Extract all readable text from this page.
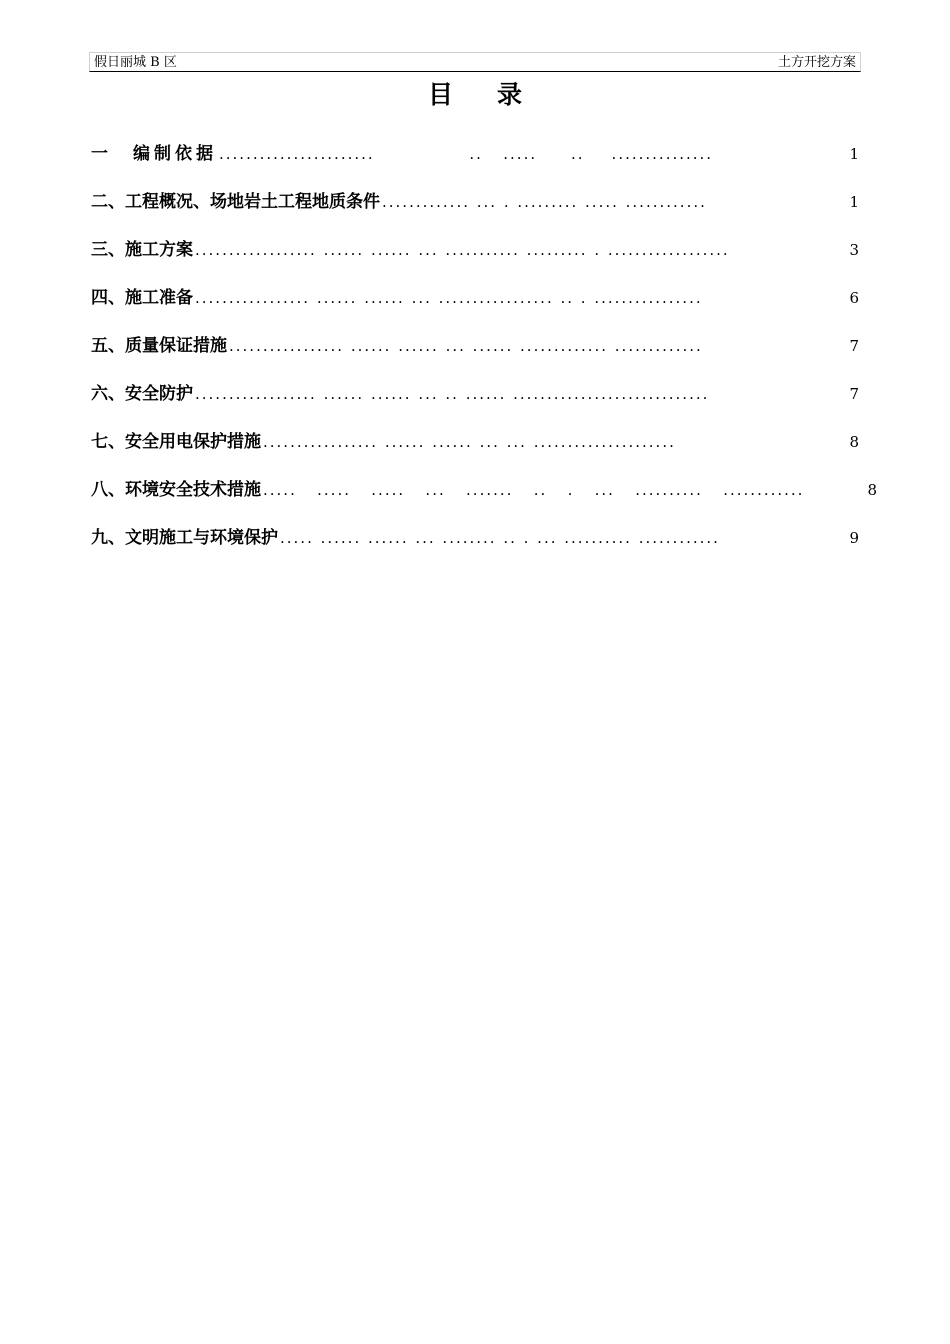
假日丽城 B 区	土方开挖方案
目录
一　编制依据 .......................              ..   .....     ..    ...............	1
二、工程概况、场地岩土工程地质条件 ............. ... . ......... ..... ............	1
三、施工方案 .................. ...... ...... ... ........... ......... . ..................	3
四、施工准备 ................. ...... ...... ... ................. .. . ................	6
五、质量保证措施 ................. ...... ...... ... ...... ............. .............	7
六、安全防护 .................. ...... ...... ... .. ...... .............................	7
七、安全用电保护措施 ................. ...... ...... ... ... .....................	8
八、环境安全技术措施 .....   .....   .....   ...   .......   ..   .   ...   ..........   ............	8
九、文明施工与环境保护 ..... ...... ...... ... ........ .. . ... .......... ............	9
